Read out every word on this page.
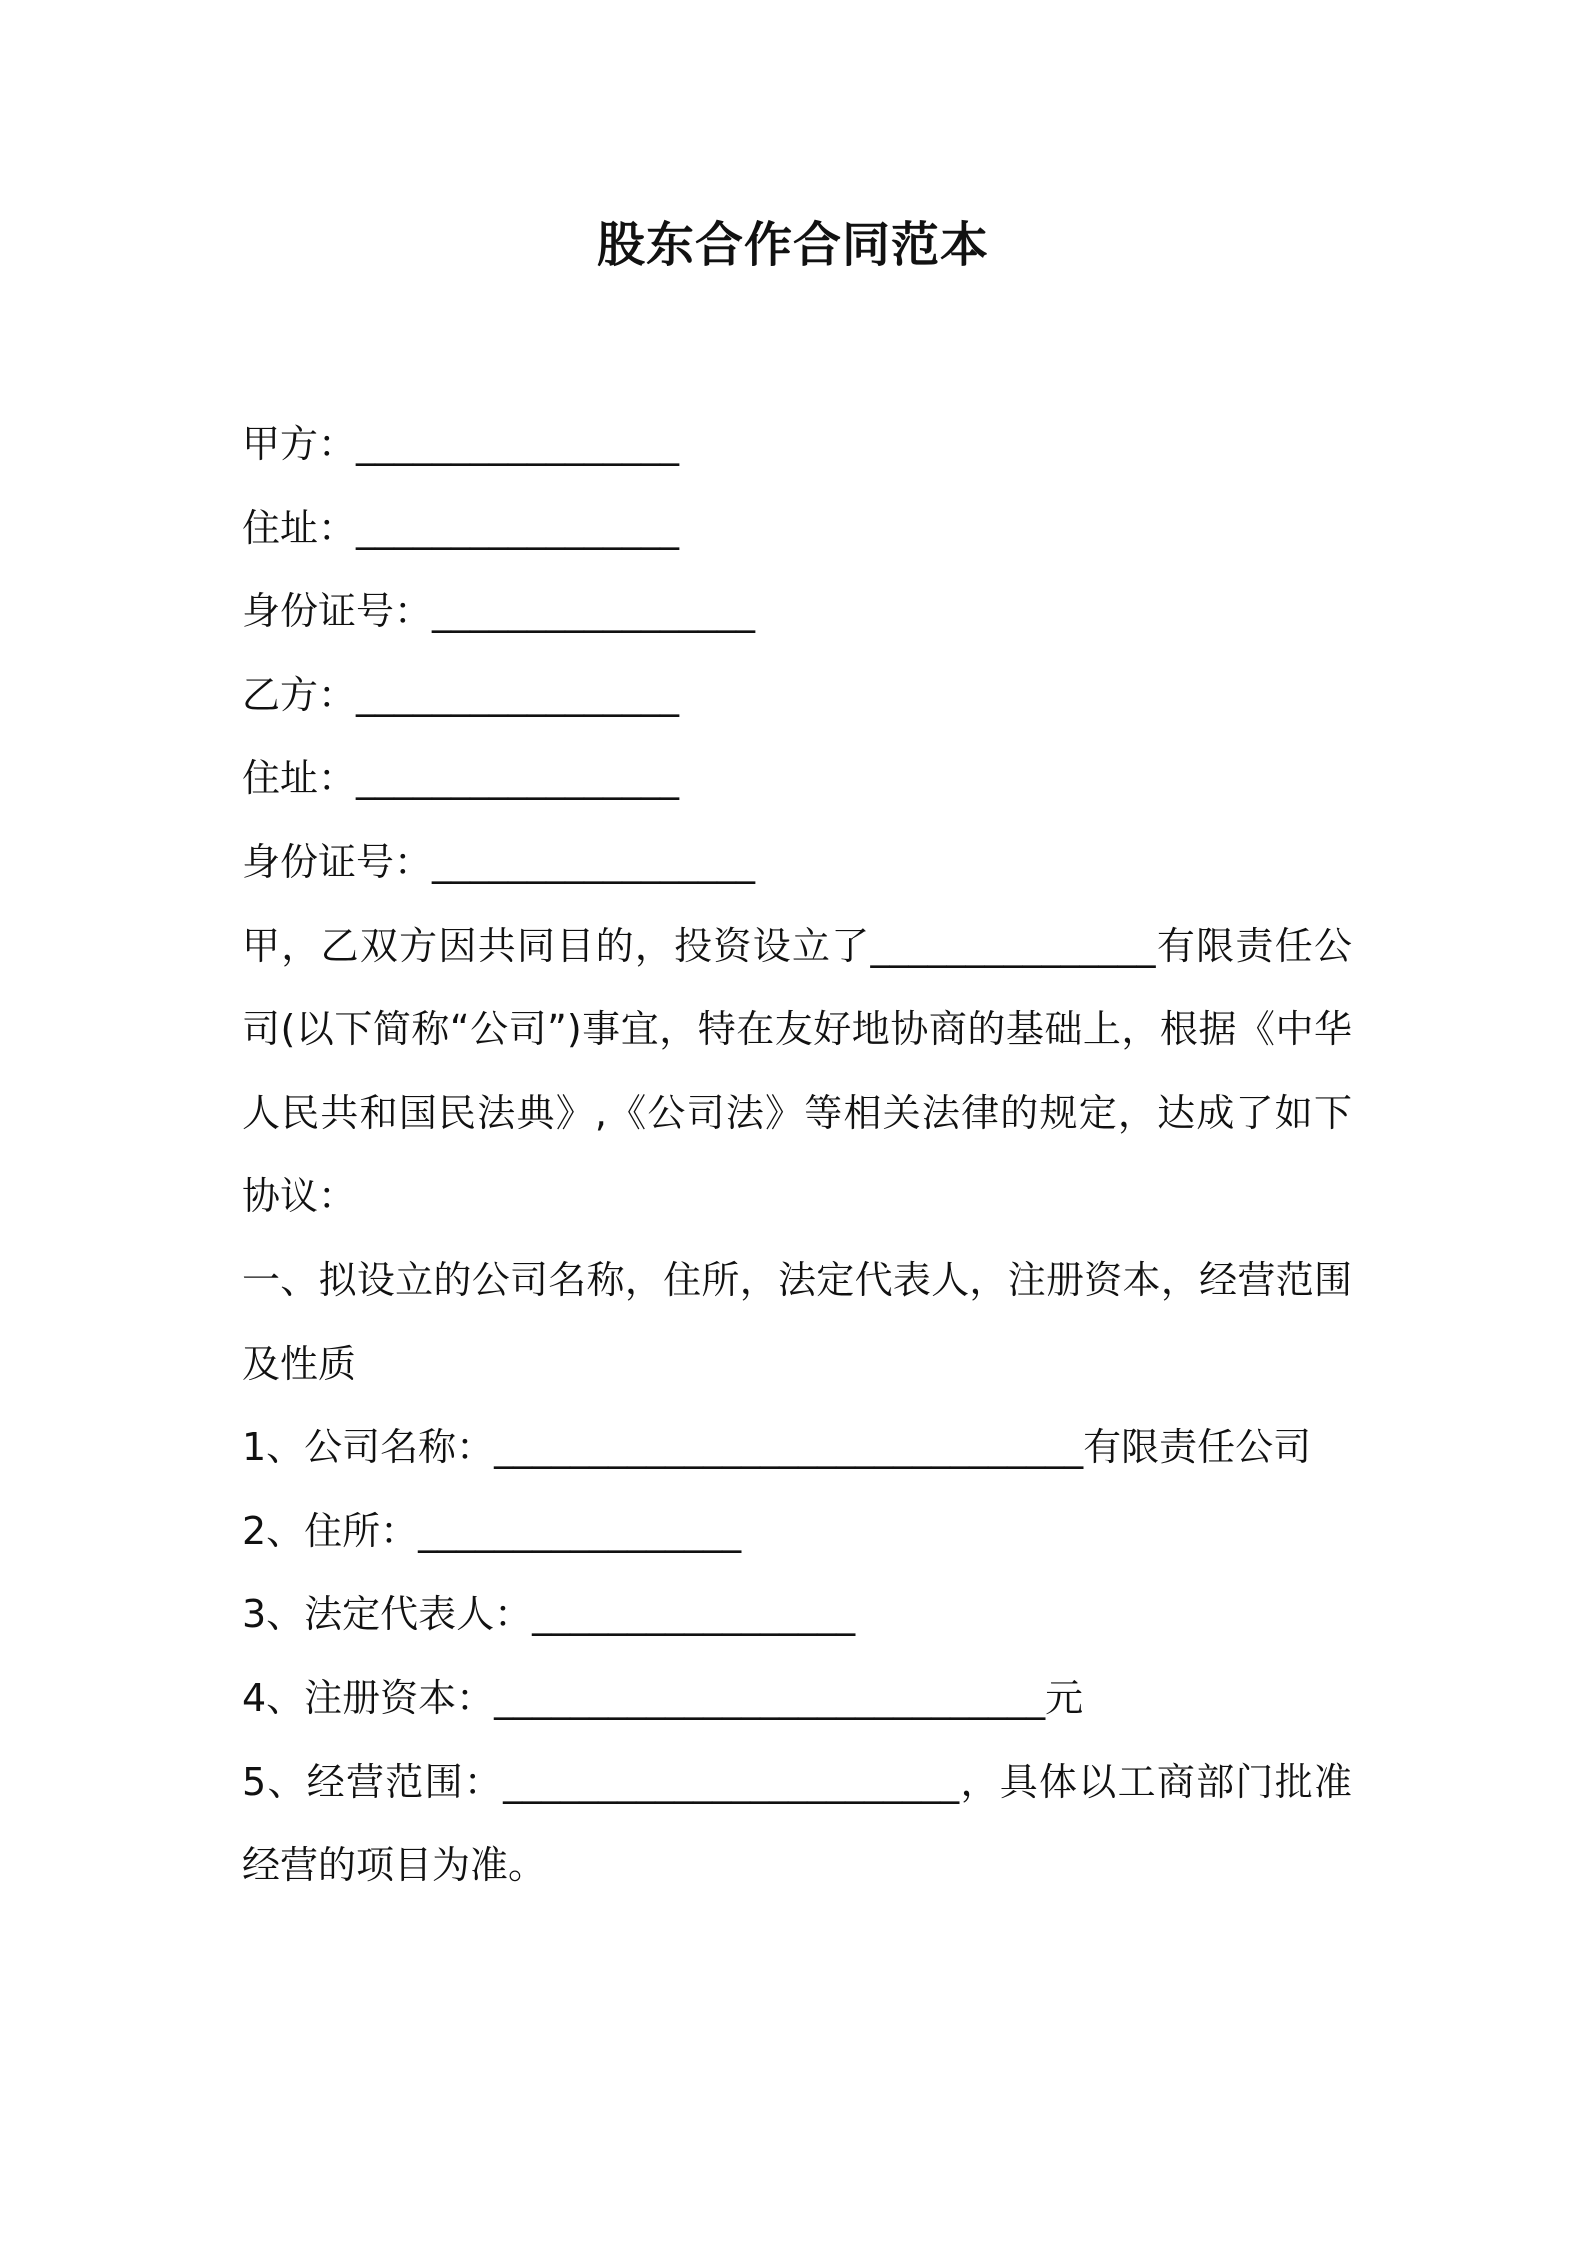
股东合作合同范本
甲方：_________________
住址：_________________
身份证号：_________________
乙方：_________________
住址：_________________
身份证号：_________________
甲，乙双方因共同目的，投资设立了_______________有限责任公司(以下简称“公司”)事宜，特在友好地协商的基础上，根据《中华人民共和国民法典》,《公司法》等相关法律的规定，达成了如下协议：
一、拟设立的公司名称，住所，法定代表人，注册资本，经营范围及性质
1、公司名称：_______________________________有限责任公司
2、住所：_________________
3、法定代表人：_________________
4、注册资本：_____________________________元
5、经营范围：________________________，具体以工商部门批准经营的项目为准。
